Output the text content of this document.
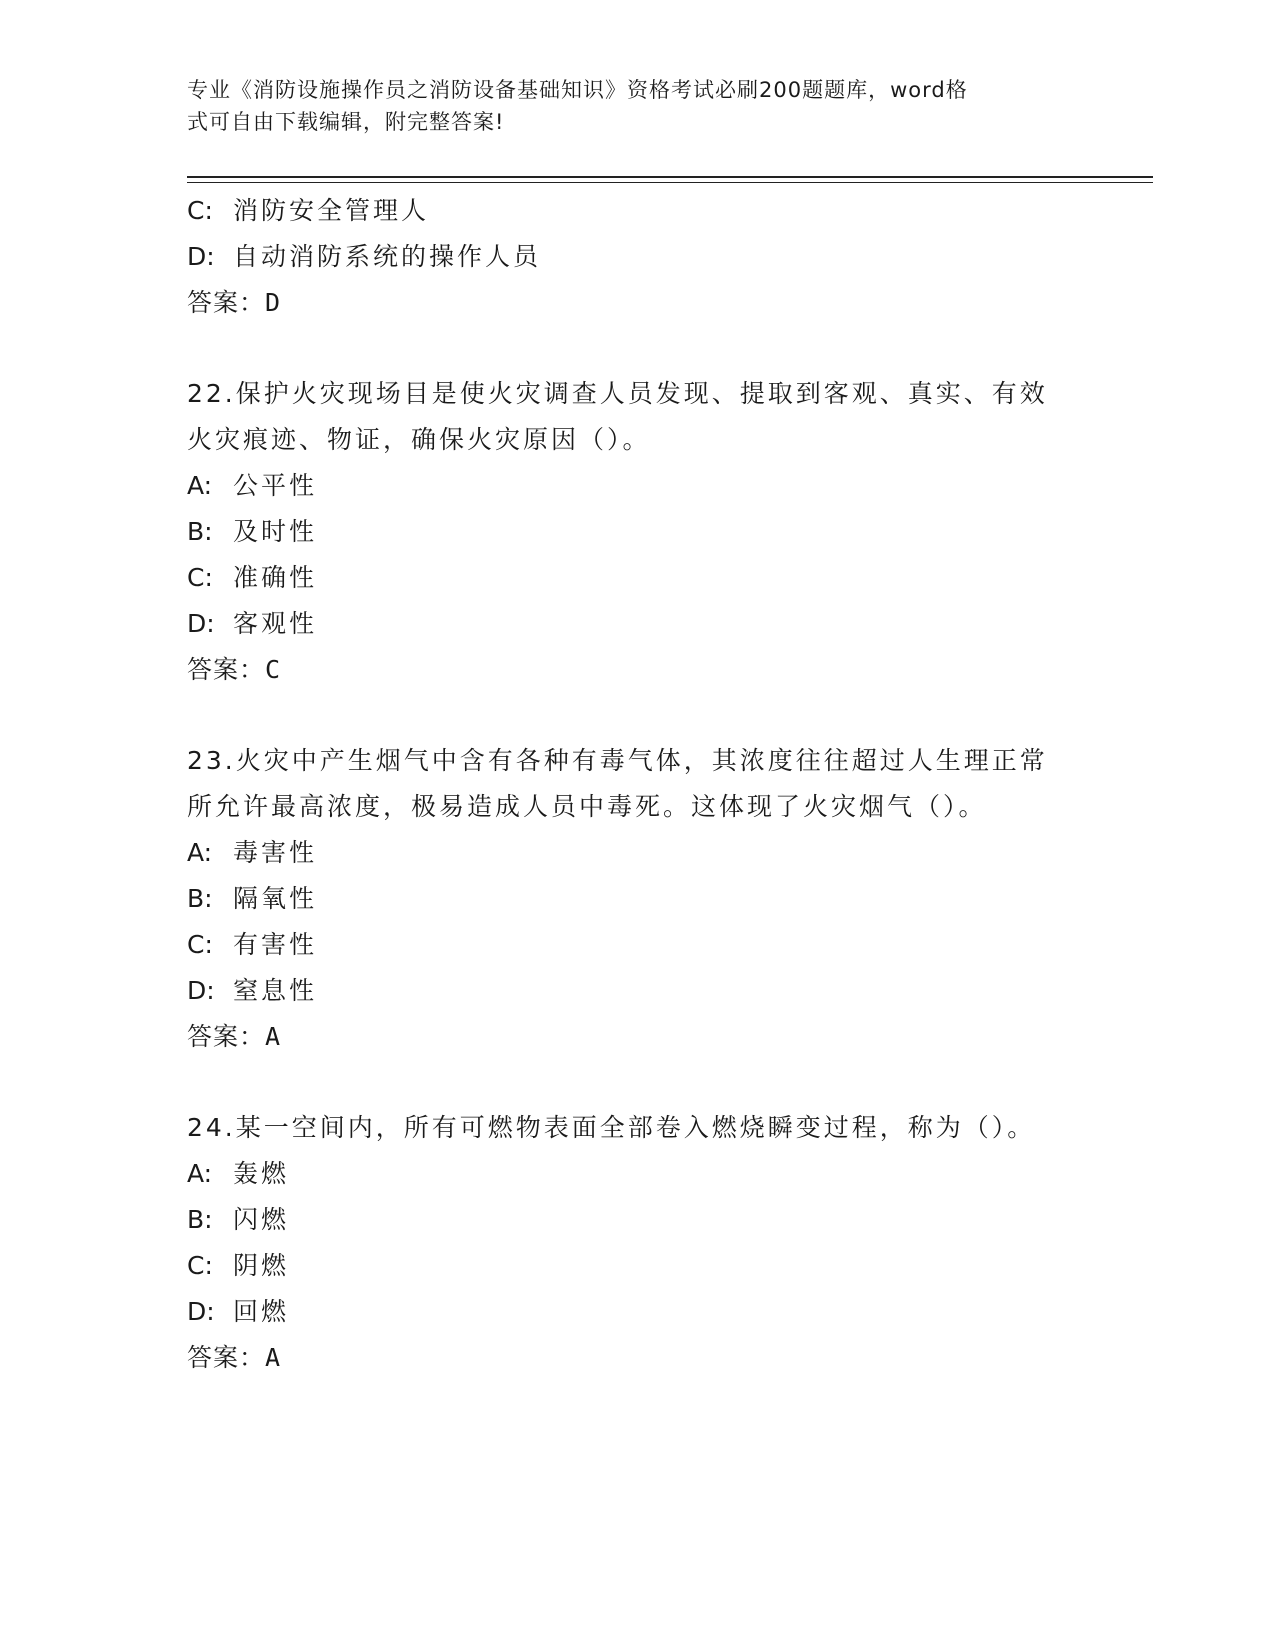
专业《消防设施操作员之消防设备基础知识》资格考试必刷200题题库，word格
式可自由下载编辑，附完整答案!
C: 消防安全管理人
D: 自动消防系统的操作人员
答案：D
22.保护火灾现场目是使火灾调查人员发现、提取到客观、真实、有效
火灾痕迹、物证，确保火灾原因（）。
A: 公平性
B: 及时性
C: 准确性
D: 客观性
答案：C
23.火灾中产生烟气中含有各种有毒气体，其浓度往往超过人生理正常
所允许最高浓度，极易造成人员中毒死。这体现了火灾烟气（）。
A: 毒害性
B: 隔氧性
C: 有害性
D: 窒息性
答案：A
24.某一空间内，所有可燃物表面全部卷入燃烧瞬变过程，称为（）。
A: 轰燃
B: 闪燃
C: 阴燃
D: 回燃
答案：A
